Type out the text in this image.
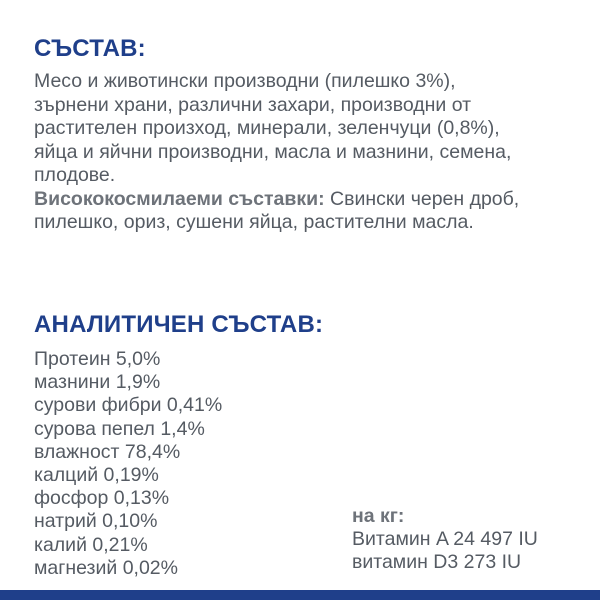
СЪСТАВ:

Месо и животински производни (пилешко 3%),
зърнени храни, различни захари, производни от
растителен произход, минерали, зеленчуци (0,8%),
яйца и яйчни производни, масла и мазнини, семена,
плодове.
Висококосмилаеми съставки: Свински черен дроб,
пилешко, ориз, сушени яйца, растителни масла.

АНАЛИТИЧЕН СЪСТАВ:
Протеин 5,0%
мазнини 1,9%
сурови фибри 0,41%
сурова пепел 1,4%
влажност 78,4%
калций 0,19%
фосфор 0,13%
натрий 0,10%
калий 0,21%
магнезий 0,02%
на кг:
Витамин A 24 497 IU
витамин D3 273 IU
